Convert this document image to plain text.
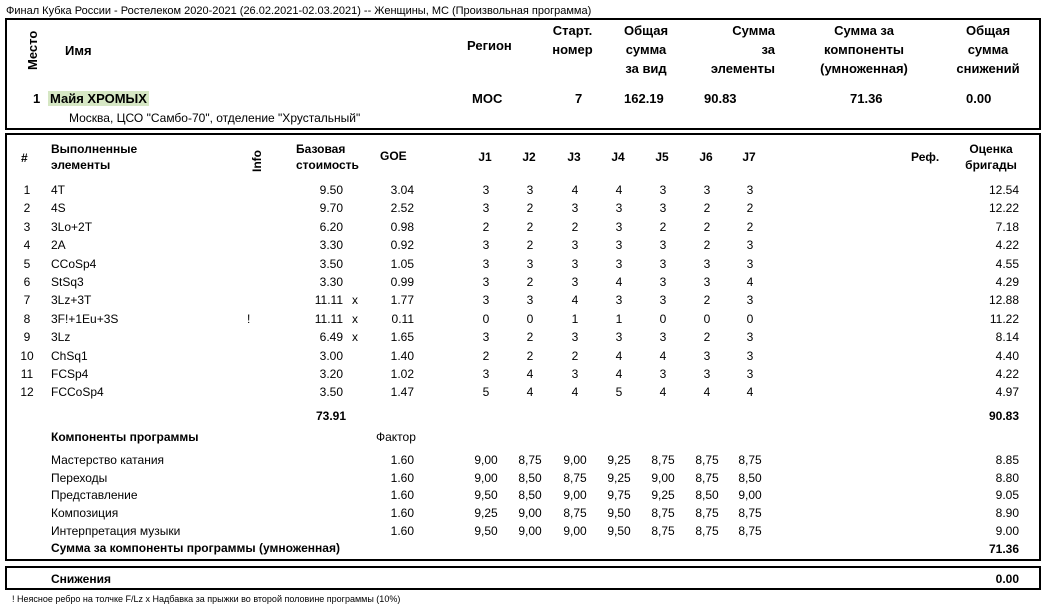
Финал Кубка России - Ростелеком 2020-2021 (26.02.2021-02.03.2021) -- Женщины, МС (Произвольная программа)
Место Имя	Регион
Старт.
номер
Общая
сумма
за вид
Сумма
за
элементы
Сумма за
компоненты
(умноженная)
Общая
сумма
снижений
1 Майя ХРОМЫХ	МОС	7	162.19	90.83	71.36	0.00
Москва, ЦСО "Самбо-70", отделение "Хрустальный"
#
Выполненные
элементы	Info
Базовая
стоимость
GOE	J1	J2	J3	J4	J5	J6	J7	Реф.
Оценка
бригады
1	4T	9.50	3.04	3	3	4	4	3	3	3	12.54
2	4S	9.70	2.52	3	2	3	3	3	2	2	12.22
3	3Lo+2T	6.20	0.98	2	2	2	3	2	2	2	7.18
4	2A	3.30	0.92	3	2	3	3	3	2	3	4.22
5	CCoSp4	3.50	1.05	3	3	3	3	3	3	3	4.55
6	StSq3	3.30	0.99	3	2	3	4	3	3	4	4.29
7	3Lz+3T	11.11 x	1.77	3	3	4	3	3	2	3	12.88
8	3F!+1Eu+3S	!	11.11 x	0.11	0	0	1	1	0	0	0	11.22
9	3Lz	6.49 x	1.65	3	2	3	3	3	2	3	8.14
10 ChSq1	3.00	1.40	2	2	2	4	4	3	3	4.40
11 FCSp4	3.20	1.02	3	4	3	4	3	3	3	4.22
12 FCCoSp4	3.50	1.47	5	4	4	5	4	4	4	4.97
73.91	90.83
Компоненты программы	Фактор
Мастерство катания	1.60	9,00	8,75	9,00	9,25	8,75	8,75	8,75	8.85
Переходы	1.60	9,00	8,50	8,75	9,25	9,00	8,75	8,50	8.80
Представление	1.60	9,50	8,50	9,00	9,75	9,25	8,50	9,00	9.05
Композиция	1.60	9,25	9,00	8,75	9,50	8,75	8,75	8,75	8.90
Интерпретация музыки	1.60	9,50	9,00	9,00	9,50	8,75	8,75	8,75	9.00
Сумма за компоненты программы (умноженная)	71.36
Снижения	0.00
! Неясное ребро на толчке F/Lz x Надбавка за прыжки во второй половине программы (10%)
